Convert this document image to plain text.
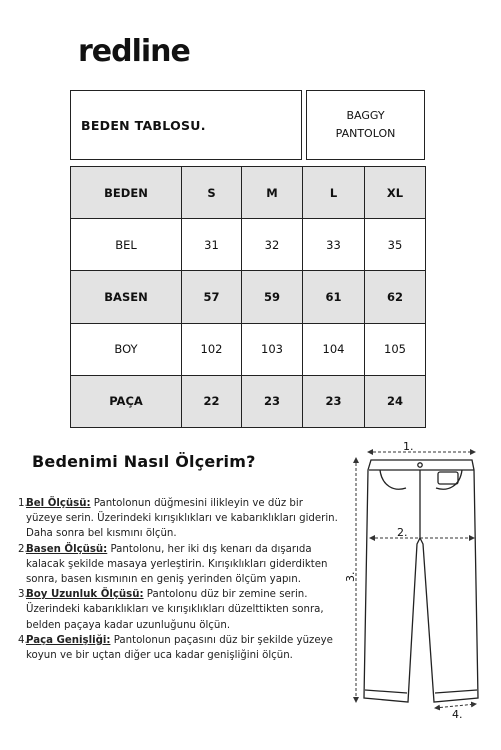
redline
BEDEN TABLOSU.
BAGGY
PANTOLON
BEDEN	S	M	L	XL
BEL	31	32	33	35
BASEN	57	59	61	62
BOY	102	103	104	105
PAÇA	22	23	23	24
Bedenimi Nasıl Ölçerim?
1.
Bel Ölçüsü: Pantolonun düğmesini ilikleyin ve düz bir yüzeye serin. Üzerindeki kırışıklıkları ve kabarıklıkları giderin. Daha sonra bel kısmını ölçün.
2.
Basen Ölçüsü: Pantolonu, her iki dış kenarı da dışarıda kalacak şekilde masaya yerleştirin. Kırışıklıkları giderdikten sonra, basen kısmının en geniş yerinden ölçüm yapın.
3.
Boy Uzunluk Ölçüsü: Pantolonu düz bir zemine serin. Üzerindeki kabarıklıkları ve kırışıklıkları düzelttikten sonra, belden paçaya kadar uzunluğunu ölçün.
4.
Paça Genişliği: Pantolonun paçasını düz bir şekilde yüzeye koyun ve bir uçtan diğer uca kadar genişliğini ölçün.
1.
2.
3.
4.
